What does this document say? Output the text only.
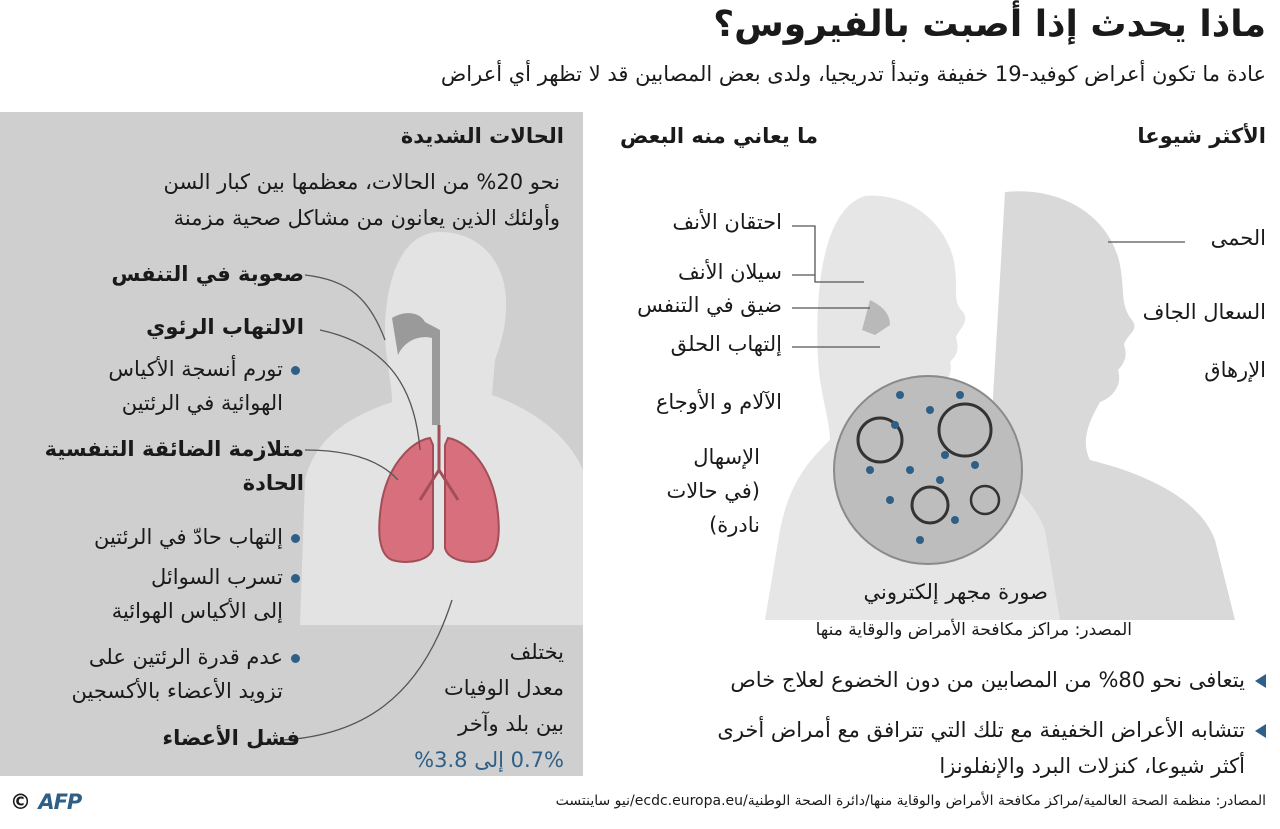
ماذا يحدث إذا أصبت بالفيروس؟
عادة ما تكون أعراض كوفيد-19 خفيفة وتبدأ تدريجيا، ولدى بعض المصابين قد لا تظهر أي أعراض
الأكثر شيوعا
الحمى
السعال الجاف
الإرهاق
ما يعاني منه البعض
احتقان الأنف
سيلان الأنف
ضيق في التنفس
إلتهاب الحلق
الآلام و الأوجاع
الإسهال
(في حالات
نادرة)
صورة مجهر إلكتروني
المصدر: مراكز مكافحة الأمراض والوقاية منها
الحالات الشديدة
نحو 20% من الحالات، معظمها بين كبار السن
وأولئك الذين يعانون من مشاكل صحية مزمنة
صعوبة في التنفس
الالتهاب الرئوي
تورم أنسجة الأكياس
الهوائية في الرئتين
متلازمة الضائقة التنفسية
الحادة
إلتهاب حادّ في الرئتين
تسرب السوائل
إلى الأكياس الهوائية
عدم قدرة الرئتين على
تزويد الأعضاء بالأكسجين
فشل الأعضاء
يختلف
معدل الوفيات
بين بلد وآخر
0.7% إلى 3.8%
يتعافى نحو 80% من المصابين من دون الخضوع لعلاج خاص
تتشابه الأعراض الخفيفة مع تلك التي تترافق مع أمراض أخرى
أكثر شيوعا، كنزلات البرد والإنفلونزا
المصادر: منظمة الصحة العالمية/مراكز مكافحة الأمراض والوقاية منها/دائرة الصحة الوطنية/ecdc.europa.eu/نيو ساينتست
© AFP
